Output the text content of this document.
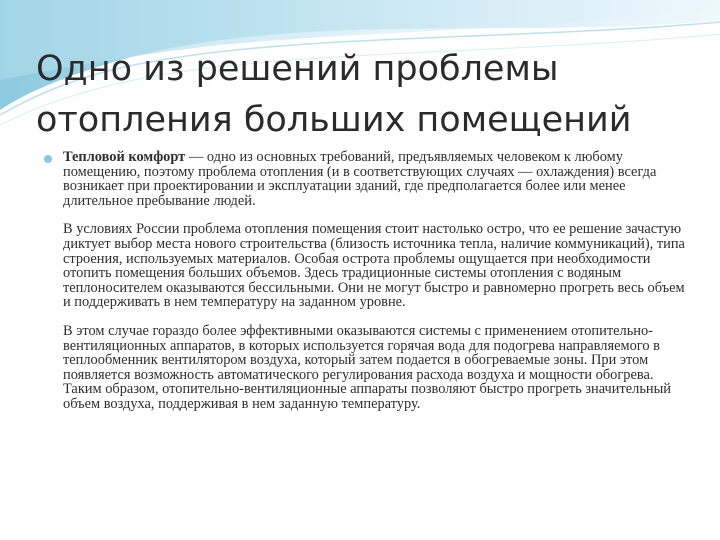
Одно из решений проблемы отопления больших помещений

Тепловой комфорт — одно из основных требований, предъявляемых человеком к любому помещению, поэтому проблема отопления (и в соответствующих случаях — охлаждения) всегда возникает при проектировании и эксплуатации зданий, где предполагается более или менее длительное пребывание людей.

В условиях России проблема отопления помещения стоит настолько остро, что ее решение зачастую диктует выбор места нового строительства (близость источника тепла, наличие коммуникаций), типа строения, используемых материалов. Особая острота проблемы ощущается при необходимости отопить помещения больших объемов. Здесь традиционные системы отопления с водяным теплоносителем оказываются бессильными. Они не могут быстро и равномерно прогреть весь объем и поддерживать в нем температуру на заданном уровне.

В этом случае гораздо более эффективными оказываются системы с применением отопительно-вентиляционных аппаратов, в которых используется горячая вода для подогрева направляемого в теплообменник вентилятором воздуха, который затем подается в обогреваемые зоны. При этом появляется возможность автоматического регулирования расхода воздуха и мощности обогрева. Таким образом, отопительно-вентиляционные аппараты позволяют быстро прогреть значительный объем воздуха, поддерживая в нем заданную температуру.
